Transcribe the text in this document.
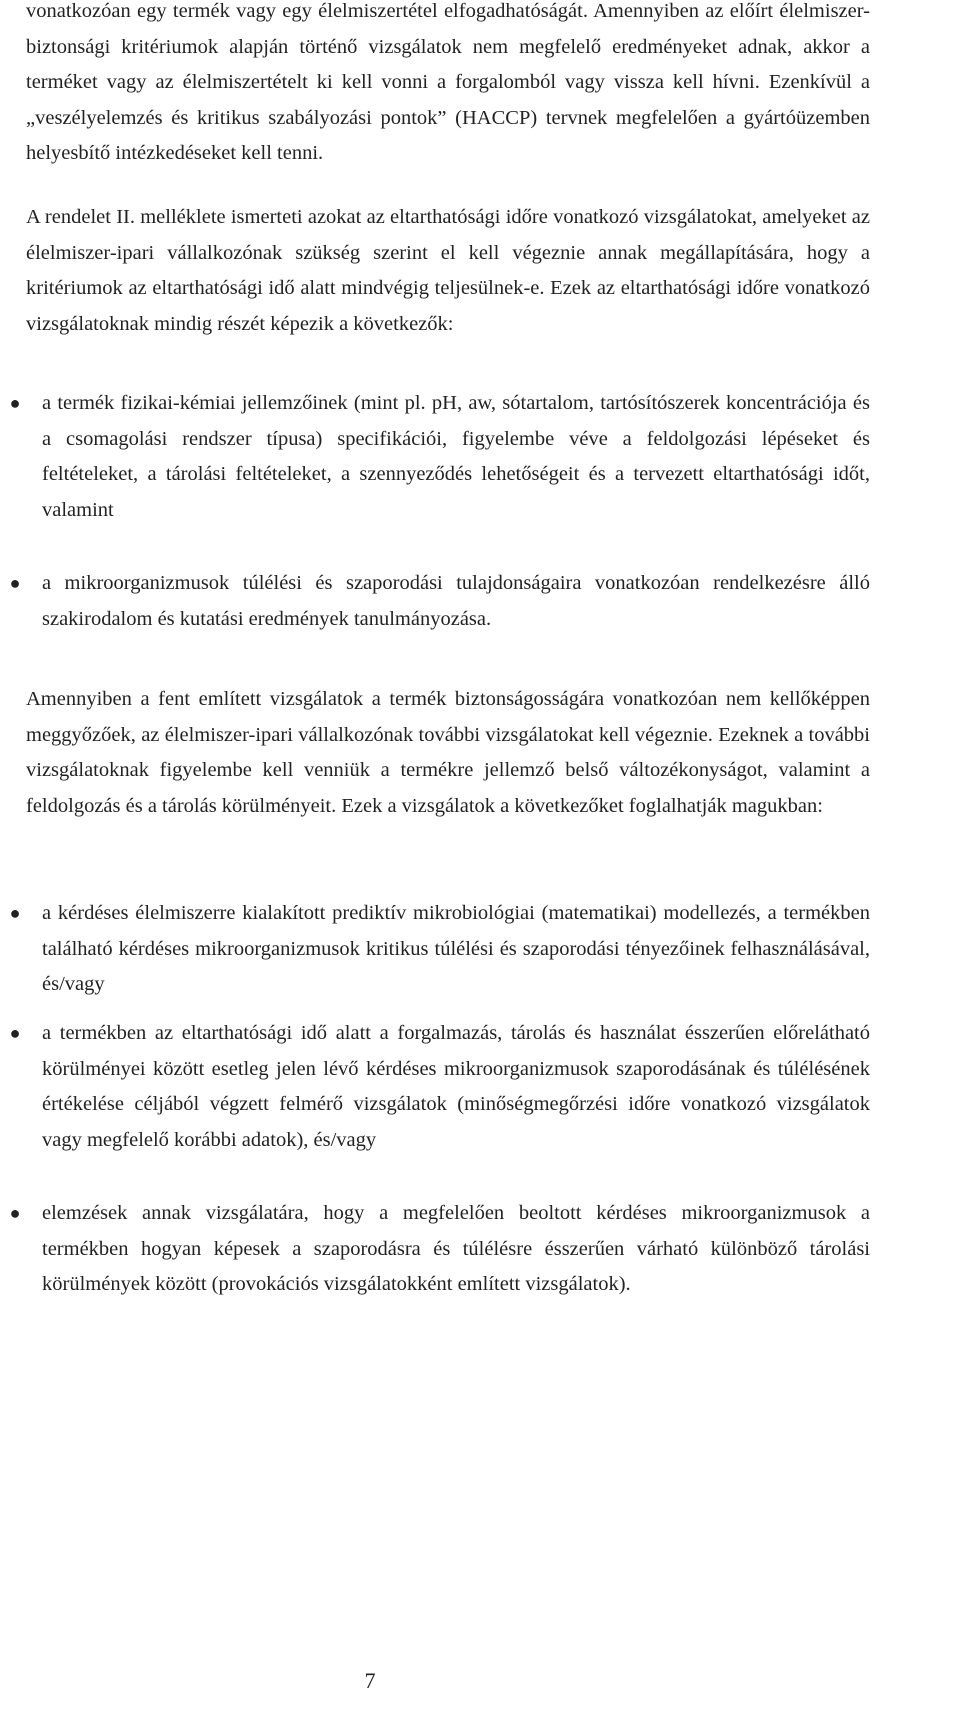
vonatkozóan egy termék vagy egy élelmiszertétel elfogadhatóságát. Amennyiben az előírt élelmiszer-biztonsági kritériumok alapján történő vizsgálatok nem megfelelő eredményeket adnak, akkor a terméket vagy az élelmiszertételt ki kell vonni a forgalomból vagy vissza kell hívni. Ezenkívül a „veszélyelemzés és kritikus szabályozási pontok” (HACCP) tervnek megfelelően a gyártóüzemben helyesbítő intézkedéseket kell tenni.

A rendelet II. melléklete ismerteti azokat az eltarthatósági időre vonatkozó vizsgálatokat, amelyeket az élelmiszer-ipari vállalkozónak szükség szerint el kell végeznie annak megállapítására, hogy a kritériumok az eltarthatósági idő alatt mindvégig teljesülnek-e. Ezek az eltarthatósági időre vonatkozó vizsgálatoknak mindig részét képezik a következők:

●	a termék fizikai-kémiai jellemzőinek (mint pl. pH, aw, sótartalom, tartósítószerek koncentrációja és a csomagolási rendszer típusa) specifikációi, figyelembe véve a feldolgozási lépéseket és feltételeket, a tárolási feltételeket, a szennyeződés lehetőségeit és a tervezett eltarthatósági időt, valamint

●	a mikroorganizmusok túlélési és szaporodási tulajdonságaira vonatkozóan rendelkezésre álló szakirodalom és kutatási eredmények tanulmányozása.

Amennyiben a fent említett vizsgálatok a termék biztonságosságára vonatkozóan nem kellőképpen meggyőzőek, az élelmiszer-ipari vállalkozónak további vizsgálatokat kell végeznie. Ezeknek a további vizsgálatoknak figyelembe kell venniük a termékre jellemző belső változékonyságot, valamint a feldolgozás és a tárolás körülményeit. Ezek a vizsgálatok a következőket foglalhatják magukban:

●	a kérdéses élelmiszerre kialakított prediktív mikrobiológiai (matematikai) modellezés, a termékben található kérdéses mikroorganizmusok kritikus túlélési és szaporodási tényezőinek felhasználásával, és/vagy

●	a termékben az eltarthatósági idő alatt a forgalmazás, tárolás és használat ésszerűen előrelátható körülményei között esetleg jelen lévő kérdéses mikroorganizmusok szaporodásának és túlélésének értékelése céljából végzett felmérő vizsgálatok (minőségmegőrzési időre vonatkozó vizsgálatok vagy megfelelő korábbi adatok), és/vagy

●	elemzések annak vizsgálatára, hogy a megfelelően beoltott kérdéses mikroorganizmusok a termékben hogyan képesek a szaporodásra és túlélésre ésszerűen várható különböző tárolási körülmények között (provokációs vizsgálatokként említett vizsgálatok).

7
